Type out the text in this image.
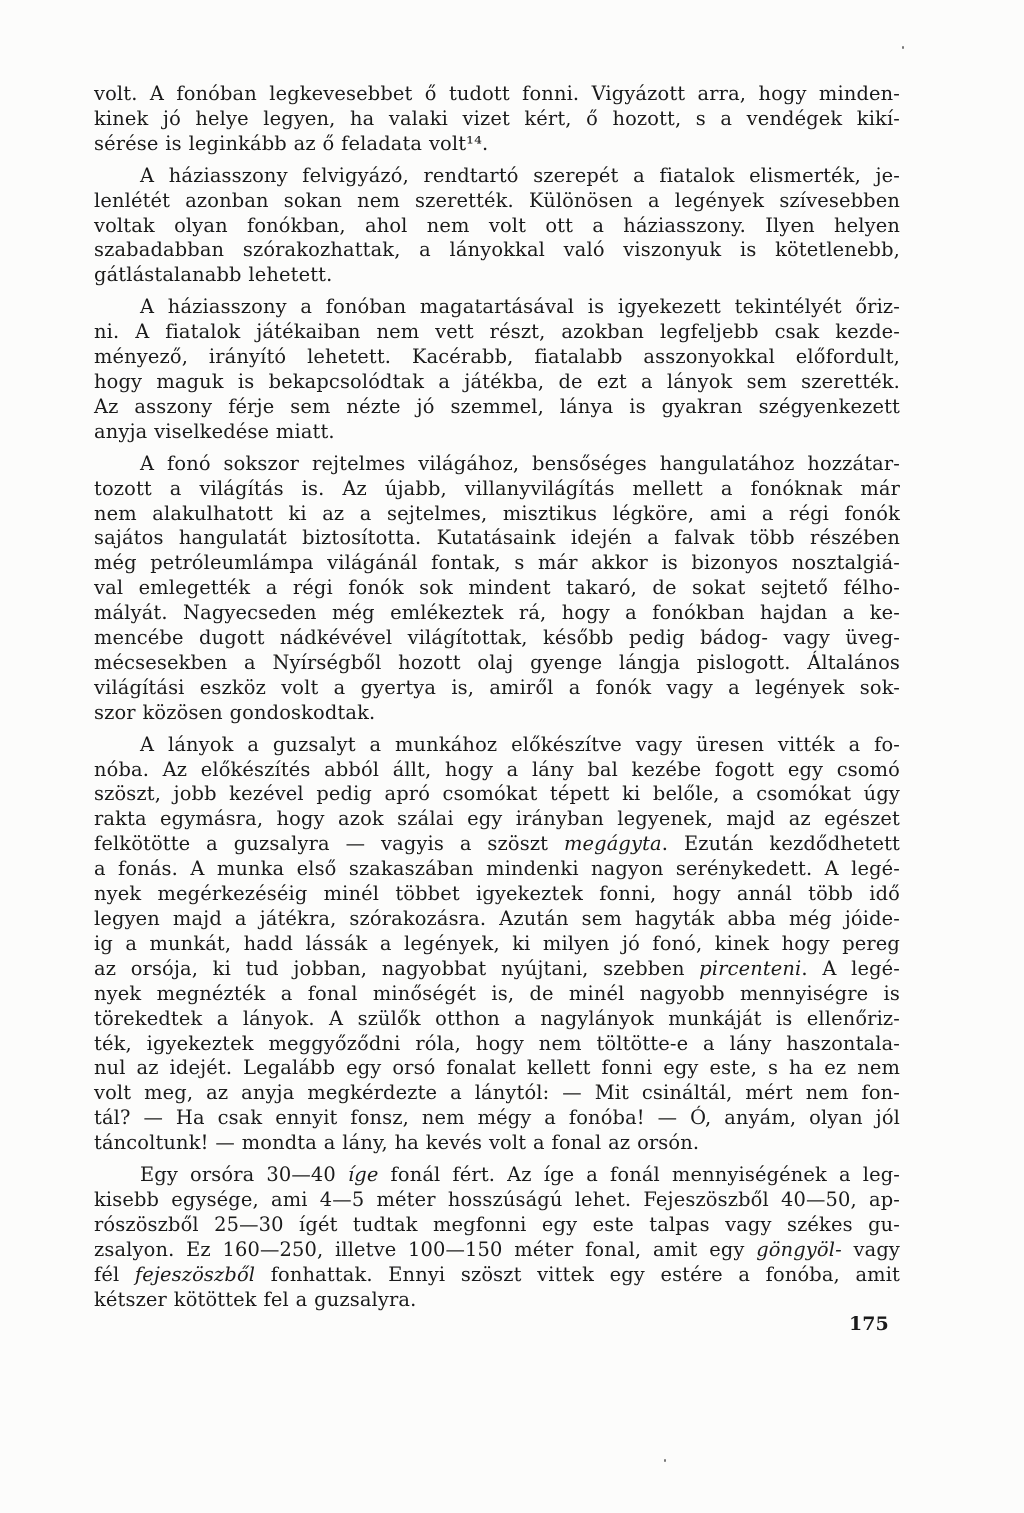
volt. A fonóban legkevesebbet ő tudott fonni. Vigyázott arra, hogy minden-
kinek jó helye legyen, ha valaki vizet kért, ő hozott, s a vendégek kikí-
sérése is leginkább az ő feladata volt¹⁴.
A háziasszony felvigyázó, rendtartó szerepét a fiatalok elismerték, je-
lenlétét azonban sokan nem szerették. Különösen a legények szívesebben
voltak olyan fonókban, ahol nem volt ott a háziasszony. Ilyen helyen
szabadabban szórakozhattak, a lányokkal való viszonyuk is kötetlenebb,
gátlástalanabb lehetett.
A háziasszony a fonóban magatartásával is igyekezett tekintélyét őriz-
ni. A fiatalok játékaiban nem vett részt, azokban legfeljebb csak kezde-
ményező, irányító lehetett. Kacérabb, fiatalabb asszonyokkal előfordult,
hogy maguk is bekapcsolódtak a játékba, de ezt a lányok sem szerették.
Az asszony férje sem nézte jó szemmel, lánya is gyakran szégyenkezett
anyja viselkedése miatt.
A fonó sokszor rejtelmes világához, bensőséges hangulatához hozzátar-
tozott a világítás is. Az újabb, villanyvilágítás mellett a fonóknak már
nem alakulhatott ki az a sejtelmes, misztikus légköre, ami a régi fonók
sajátos hangulatát biztosította. Kutatásaink idején a falvak több részében
még petróleumlámpa világánál fontak, s már akkor is bizonyos nosztalgiá-
val emlegették a régi fonók sok mindent takaró, de sokat sejtető félho-
mályát. Nagyecseden még emlékeztek rá, hogy a fonókban hajdan a ke-
mencébe dugott nádkévével világítottak, később pedig bádog- vagy üveg-
mécsesekben a Nyírségből hozott olaj gyenge lángja pislogott. Általános
világítási eszköz volt a gyertya is, amiről a fonók vagy a legények sok-
szor közösen gondoskodtak.
A lányok a guzsalyt a munkához előkészítve vagy üresen vitték a fo-
nóba. Az előkészítés abból állt, hogy a lány bal kezébe fogott egy csomó
szöszt, jobb kezével pedig apró csomókat tépett ki belőle, a csomókat úgy
rakta egymásra, hogy azok szálai egy irányban legyenek, majd az egészet
felkötötte a guzsalyra — vagyis a szöszt megágyta. Ezután kezdődhetett
a fonás. A munka első szakaszában mindenki nagyon serénykedett. A legé-
nyek megérkezéséig minél többet igyekeztek fonni, hogy annál több idő
legyen majd a játékra, szórakozásra. Azután sem hagyták abba még jóide-
ig a munkát, hadd lássák a legények, ki milyen jó fonó, kinek hogy pereg
az orsója, ki tud jobban, nagyobbat nyújtani, szebben pircenteni. A legé-
nyek megnézték a fonal minőségét is, de minél nagyobb mennyiségre is
törekedtek a lányok. A szülők otthon a nagylányok munkáját is ellenőriz-
ték, igyekeztek meggyőződni róla, hogy nem töltötte-e a lány haszontala-
nul az idejét. Legalább egy orsó fonalat kellett fonni egy este, s ha ez nem
volt meg, az anyja megkérdezte a lánytól: — Mit csináltál, mért nem fon-
tál? — Ha csak ennyit fonsz, nem mégy a fonóba! — Ó, anyám, olyan jól
táncoltunk! — mondta a lány, ha kevés volt a fonal az orsón.
Egy orsóra 30—40 íge fonál fért. Az íge a fonál mennyiségének a leg-
kisebb egysége, ami 4—5 méter hosszúságú lehet. Fejeszöszből 40—50, ap-
rószöszből 25—30 ígét tudtak megfonni egy este talpas vagy székes gu-
zsalyon. Ez 160—250, illetve 100—150 méter fonal, amit egy göngyöl- vagy
fél fejeszöszből fonhattak. Ennyi szöszt vittek egy estére a fonóba, amit
kétszer kötöttek fel a guzsalyra.
175
